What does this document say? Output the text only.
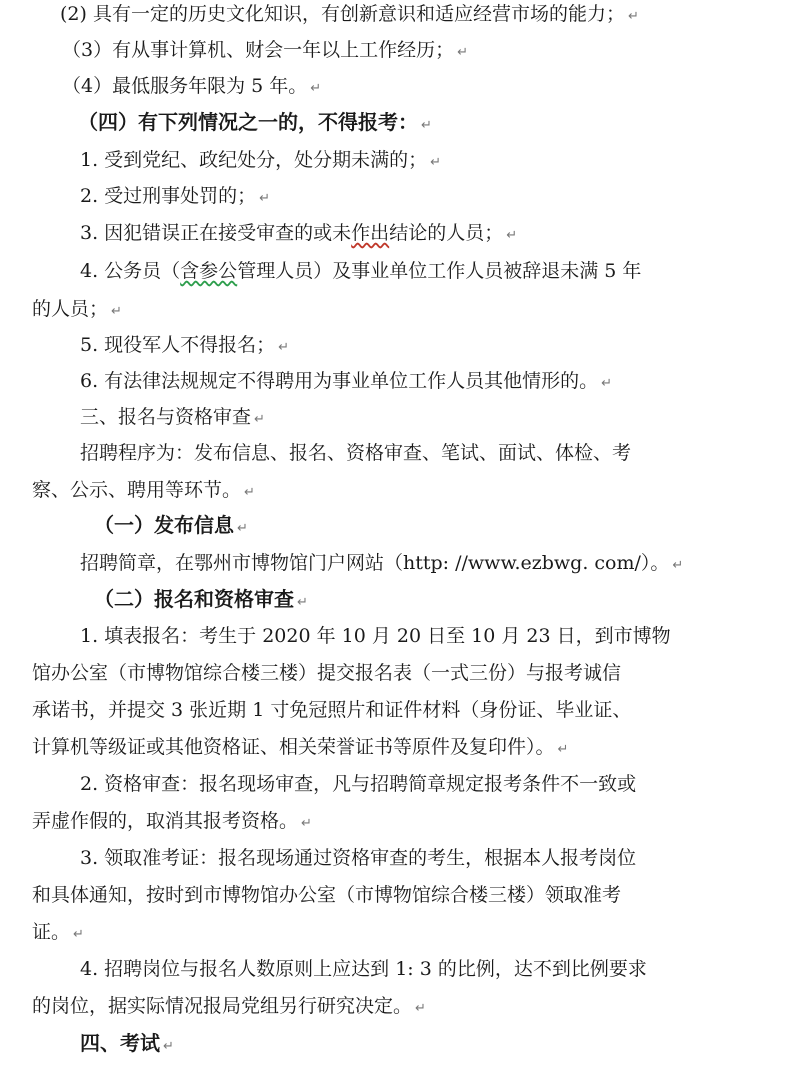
(2) 具有一定的历史文化知识，有创新意识和适应经营市场的能力； ↵

（3）有从事计算机、财会一年以上工作经历； ↵

（4）最低服务年限为 5 年。 ↵

（四）有下列情况之一的，不得报考： ↵

1. 受到党纪、政纪处分，处分期未满的； ↵

2. 受过刑事处罚的； ↵

3. 因犯错误正在接受审查的或未作出结论的人员； ↵

4. 公务员（含参公管理人员）及事业单位工作人员被辞退未满 5 年

的人员； ↵

5. 现役军人不得报名； ↵

6. 有法律法规规定不得聘用为事业单位工作人员其他情形的。 ↵

三、报名与资格审查 ↵

招聘程序为：发布信息、报名、资格审查、笔试、面试、体检、考

察、公示、聘用等环节。 ↵

（一）发布信息 ↵

招聘简章，在鄂州市博物馆门户网站（http: //www.ezbwg. com/）。 ↵

（二）报名和资格审查 ↵

1. 填表报名：考生于 2020 年 10 月 20 日至 10 月 23 日，到市博物

馆办公室（市博物馆综合楼三楼）提交报名表（一式三份）与报考诚信

承诺书，并提交 3 张近期 1 寸免冠照片和证件材料（身份证、毕业证、

计算机等级证或其他资格证、相关荣誉证书等原件及复印件）。 ↵

2. 资格审查：报名现场审查，凡与招聘简章规定报考条件不一致或

弄虚作假的，取消其报考资格。 ↵

3. 领取准考证：报名现场通过资格审查的考生，根据本人报考岗位

和具体通知，按时到市博物馆办公室（市博物馆综合楼三楼）领取准考

证。 ↵

4. 招聘岗位与报名人数原则上应达到 1: 3 的比例，达不到比例要求

的岗位，据实际情况报局党组另行研究决定。 ↵

四、考试 ↵
